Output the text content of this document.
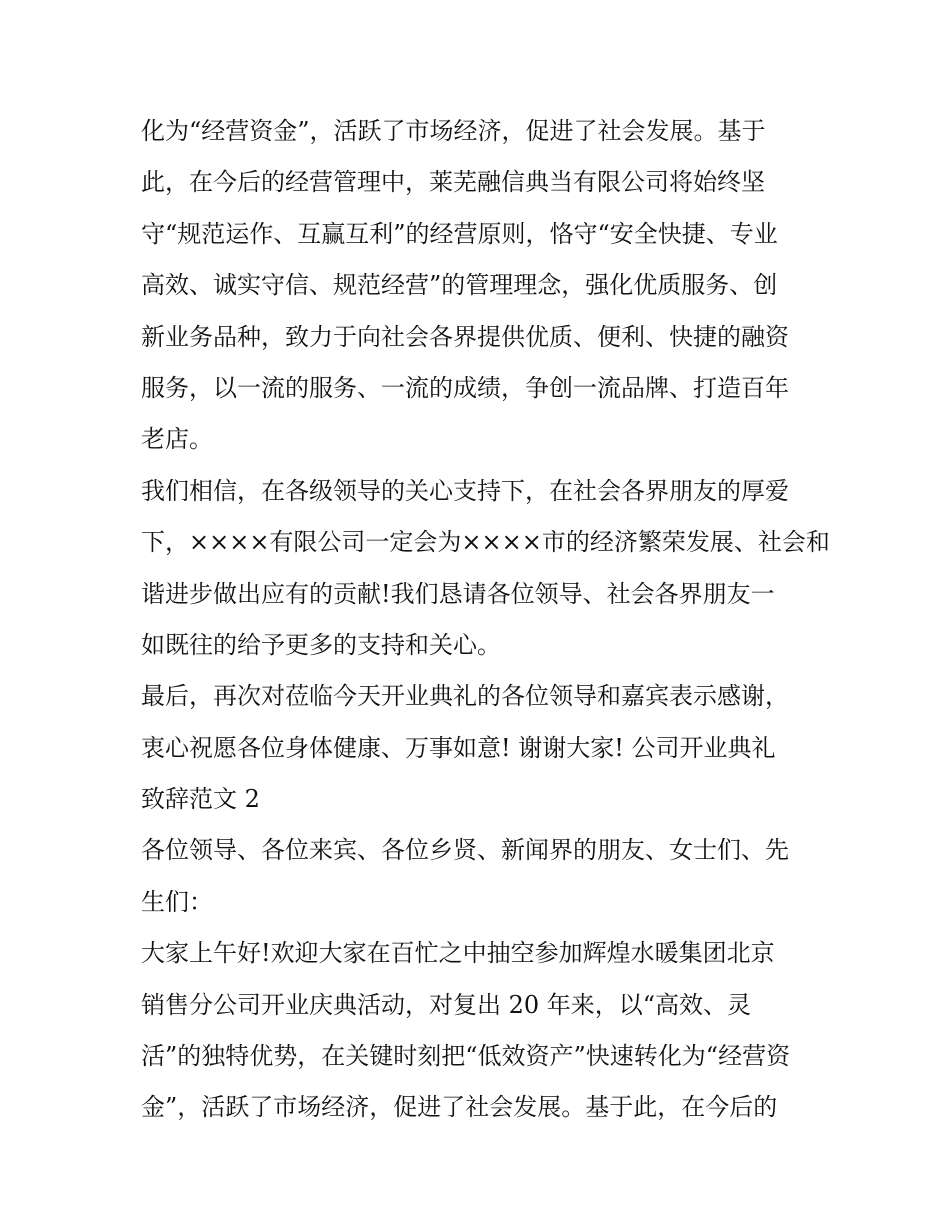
化为“经营资金”，活跃了市场经济，促进了社会发展。基于
此，在今后的经营管理中，莱芜融信典当有限公司将始终坚
守“规范运作、互赢互利”的经营原则，恪守“安全快捷、专业
高效、诚实守信、规范经营”的管理理念，强化优质服务、创
新业务品种，致力于向社会各界提供优质、便利、快捷的融资
服务，以一流的服务、一流的成绩，争创一流品牌、打造百年
老店。
我们相信，在各级领导的关心支持下，在社会各界朋友的厚爱
下，××××有限公司一定会为××××市的经济繁荣发展、社会和
谐进步做出应有的贡献!我们恳请各位领导、社会各界朋友一
如既往的给予更多的支持和关心。
最后，再次对莅临今天开业典礼的各位领导和嘉宾表示感谢，
衷心祝愿各位身体健康、万事如意! 谢谢大家! 公司开业典礼
致辞范文 2
各位领导、各位来宾、各位乡贤、新闻界的朋友、女士们、先
生们：
大家上午好!欢迎大家在百忙之中抽空参加辉煌水暖集团北京
销售分公司开业庆典活动，对复出 20 年来，以“高效、灵
活”的独特优势，在关键时刻把“低效资产”快速转化为“经营资
金”，活跃了市场经济，促进了社会发展。基于此，在今后的
